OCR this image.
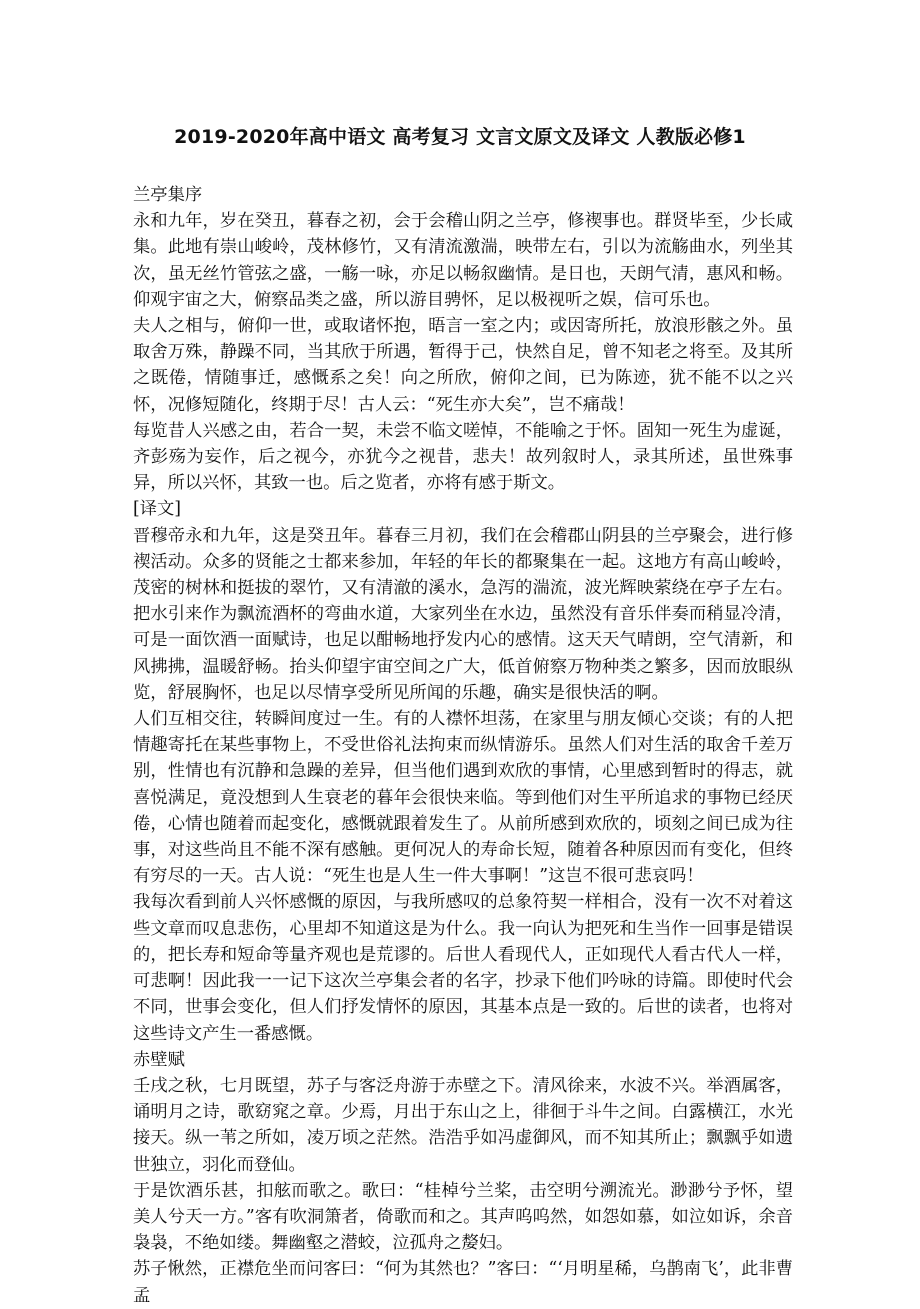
2019-2020年高中语文 高考复习 文言文原文及译文 人教版必修1

兰亭集序

永和九年，岁在癸丑，暮春之初，会于会稽山阴之兰亭，修禊事也。群贤毕至，少长咸集。此地有崇山峻岭，茂林修竹，又有清流激湍，映带左右，引以为流觞曲水，列坐其次，虽无丝竹管弦之盛，一觞一咏，亦足以畅叙幽情。是日也，天朗气清，惠风和畅。仰观宇宙之大，俯察品类之盛，所以游目骋怀，足以极视听之娱，信可乐也。

夫人之相与，俯仰一世，或取诸怀抱，晤言一室之内；或因寄所托，放浪形骸之外。虽取舍万殊，静躁不同，当其欣于所遇，暂得于己，快然自足，曾不知老之将至。及其所之既倦，情随事迁，感慨系之矣！向之所欣，俯仰之间，已为陈迹，犹不能不以之兴怀，况修短随化，终期于尽！古人云：“死生亦大矣”，岂不痛哉！

每览昔人兴感之由，若合一契，未尝不临文嗟悼，不能喻之于怀。固知一死生为虚诞，齐彭殇为妄作，后之视今，亦犹今之视昔，悲夫！故列叙时人，录其所述，虽世殊事异，所以兴怀，其致一也。后之览者，亦将有感于斯文。

[译文]

晋穆帝永和九年，这是癸丑年。暮春三月初，我们在会稽郡山阴县的兰亭聚会，进行修禊活动。众多的贤能之士都来参加，年轻的年长的都聚集在一起。这地方有高山峻岭，茂密的树林和挺拔的翠竹，又有清澈的溪水，急泻的湍流，波光辉映萦绕在亭子左右。把水引来作为飘流酒杯的弯曲水道，大家列坐在水边，虽然没有音乐伴奏而稍显冷清，可是一面饮酒一面赋诗，也足以酣畅地抒发内心的感情。这天天气晴朗，空气清新，和风拂拂，温暖舒畅。抬头仰望宇宙空间之广大，低首俯察万物种类之繁多，因而放眼纵览，舒展胸怀，也足以尽情享受所见所闻的乐趣，确实是很快活的啊。

人们互相交往，转瞬间度过一生。有的人襟怀坦荡，在家里与朋友倾心交谈；有的人把情趣寄托在某些事物上，不受世俗礼法拘束而纵情游乐。虽然人们对生活的取舍千差万别，性情也有沉静和急躁的差异，但当他们遇到欢欣的事情，心里感到暂时的得志，就喜悦满足，竟没想到人生衰老的暮年会很快来临。等到他们对生平所追求的事物已经厌倦，心情也随着而起变化，感慨就跟着发生了。从前所感到欢欣的，顷刻之间已成为往事，对这些尚且不能不深有感触。更何况人的寿命长短，随着各种原因而有变化，但终有穷尽的一天。古人说：“死生也是人生一件大事啊！”这岂不很可悲哀吗！

我每次看到前人兴怀感慨的原因，与我所感叹的总象符契一样相合，没有一次不对着这些文章而叹息悲伤，心里却不知道这是为什么。我一向认为把死和生当作一回事是错误的，把长寿和短命等量齐观也是荒谬的。后世人看现代人，正如现代人看古代人一样，可悲啊！因此我一一记下这次兰亭集会者的名字，抄录下他们吟咏的诗篇。即使时代会不同，世事会变化，但人们抒发情怀的原因，其基本点是一致的。后世的读者，也将对这些诗文产生一番感慨。

赤壁赋

壬戌之秋，七月既望，苏子与客泛舟游于赤壁之下。清风徐来，水波不兴。举酒属客，诵明月之诗，歌窈窕之章。少焉，月出于东山之上，徘徊于斗牛之间。白露横江，水光接天。纵一苇之所如，凌万顷之茫然。浩浩乎如冯虚御风，而不知其所止；飘飘乎如遗世独立，羽化而登仙。

于是饮酒乐甚，扣舷而歌之。歌曰：“桂棹兮兰桨，击空明兮溯流光。渺渺兮予怀，望美人兮天一方。”客有吹洞箫者，倚歌而和之。其声呜呜然，如怨如慕，如泣如诉，余音袅袅，不绝如缕。舞幽壑之潜蛟，泣孤舟之嫠妇。

苏子愀然，正襟危坐而问客曰：“何为其然也？”客曰：“‘月明星稀，乌鹊南飞’，此非曹孟
